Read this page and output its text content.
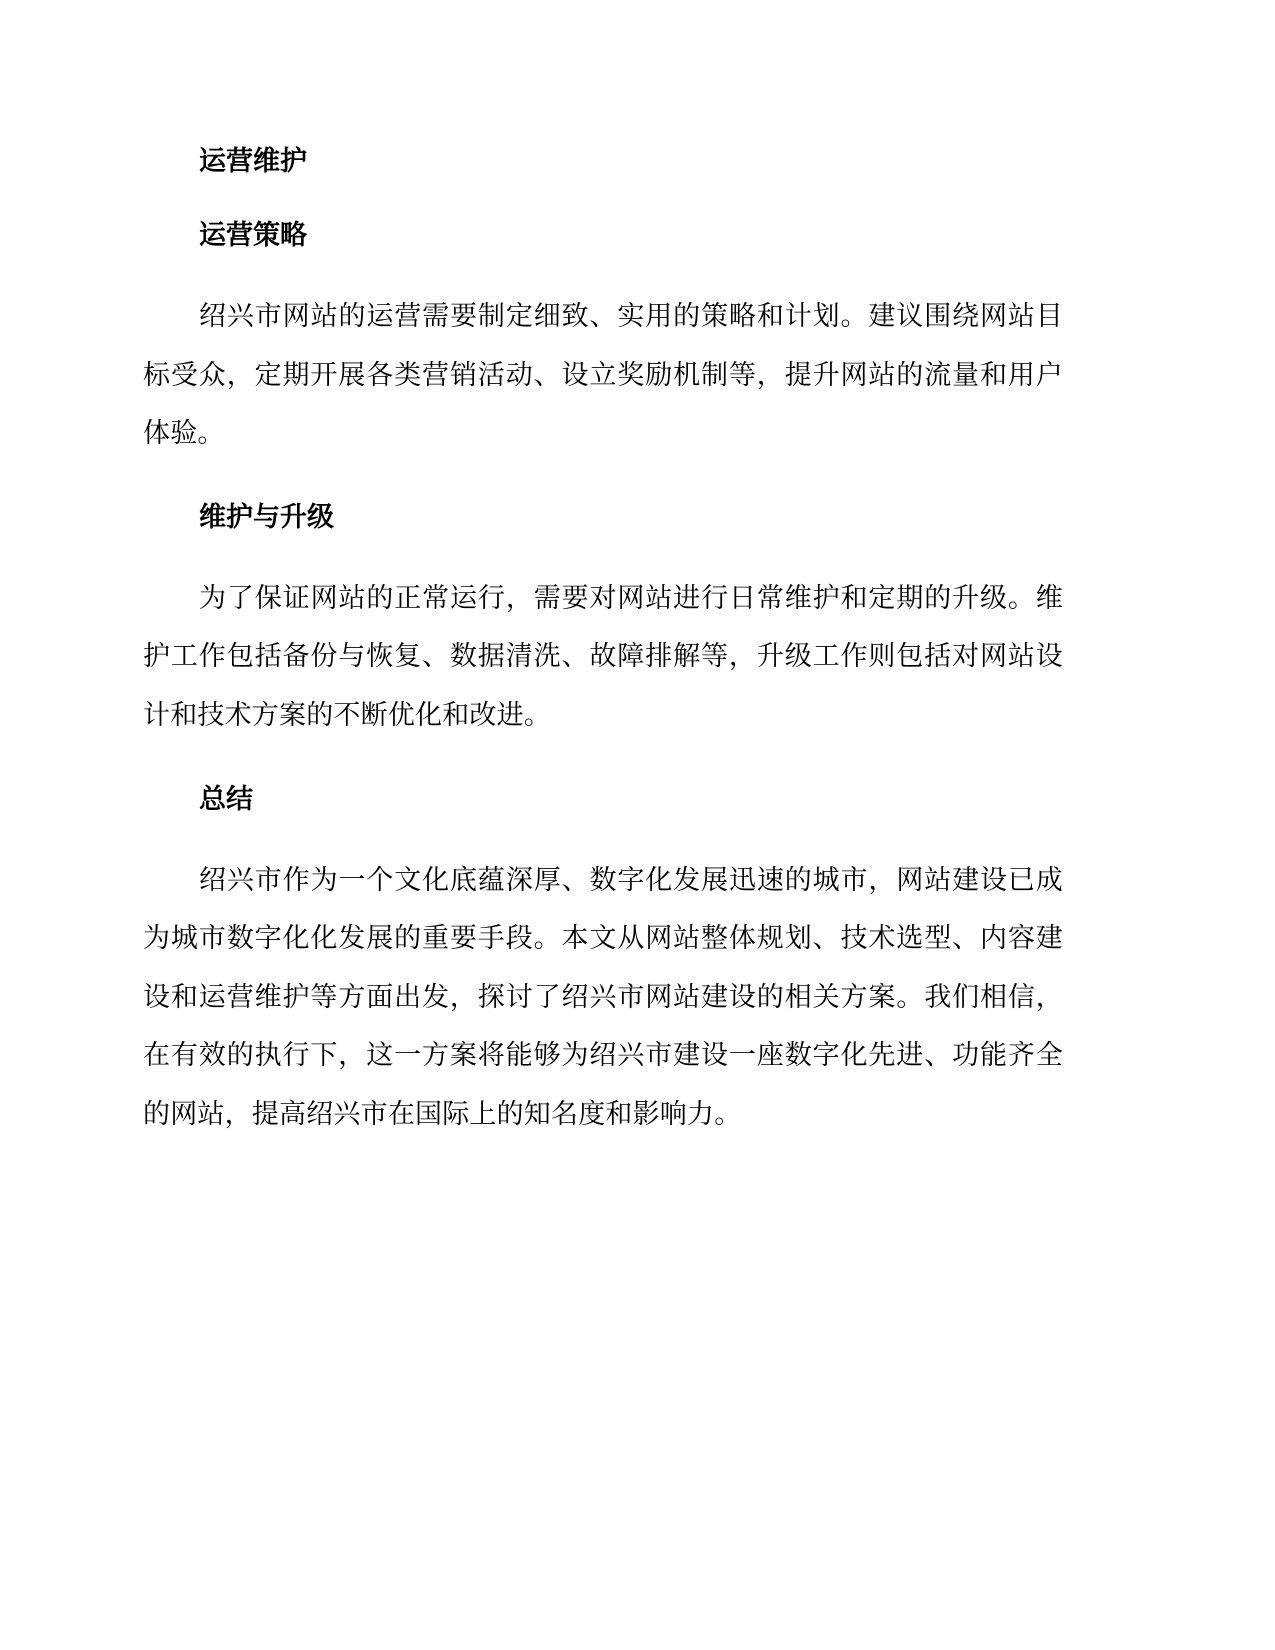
运营维护
运营策略

绍兴市网站的运营需要制定细致、实用的策略和计划。建议围绕网站目标受众，定期开展各类营销活动、设立奖励机制等，提升网站的流量和用户体验。

维护与升级

为了保证网站的正常运行，需要对网站进行日常维护和定期的升级。维护工作包括备份与恢复、数据清洗、故障排解等，升级工作则包括对网站设计和技术方案的不断优化和改进。

总结

绍兴市作为一个文化底蕴深厚、数字化发展迅速的城市，网站建设已成为城市数字化化发展的重要手段。本文从网站整体规划、技术选型、内容建设和运营维护等方面出发，探讨了绍兴市网站建设的相关方案。我们相信，在有效的执行下，这一方案将能够为绍兴市建设一座数字化先进、功能齐全的网站，提高绍兴市在国际上的知名度和影响力。
